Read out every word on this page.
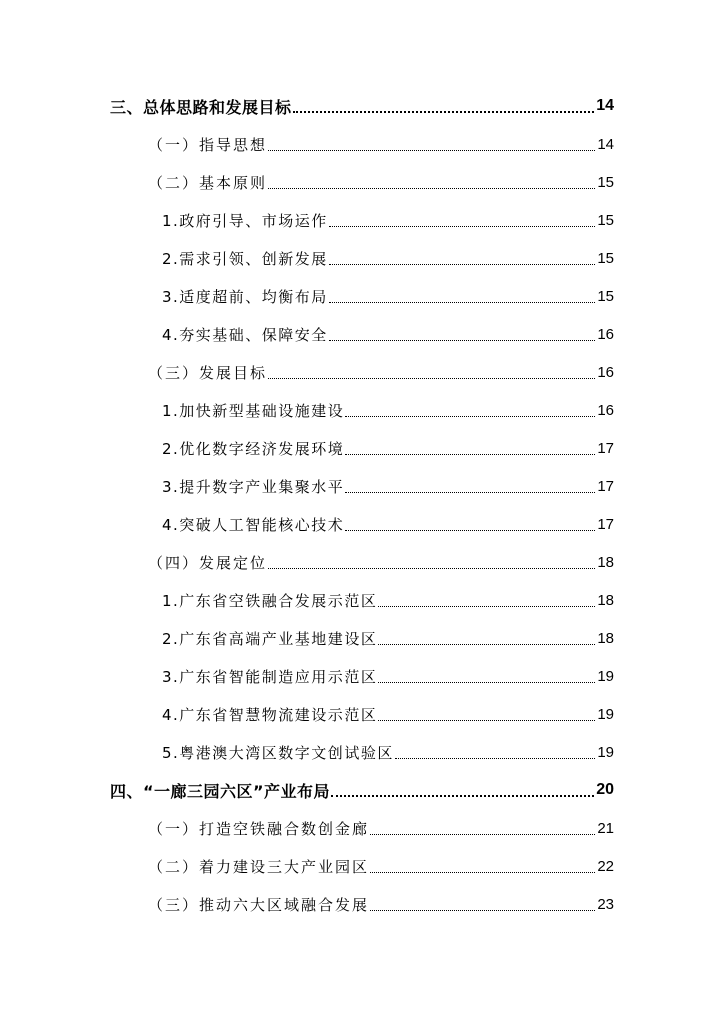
三、总体思路和发展目标	14
（一）指导思想	14
（二）基本原则	15
1.政府引导、市场运作	15
2.需求引领、创新发展	15
3.适度超前、均衡布局	15
4.夯实基础、保障安全	16
（三）发展目标	16
1.加快新型基础设施建设	16
2.优化数字经济发展环境	17
3.提升数字产业集聚水平	17
4.突破人工智能核心技术	17
（四）发展定位	18
1.广东省空铁融合发展示范区	18
2.广东省高端产业基地建设区	18
3.广东省智能制造应用示范区	19
4.广东省智慧物流建设示范区	19
5.粤港澳大湾区数字文创试验区	19
四、“一廊三园六区”产业布局	20
（一）打造空铁融合数创金廊	21
（二）着力建设三大产业园区	22
（三）推动六大区域融合发展	23
